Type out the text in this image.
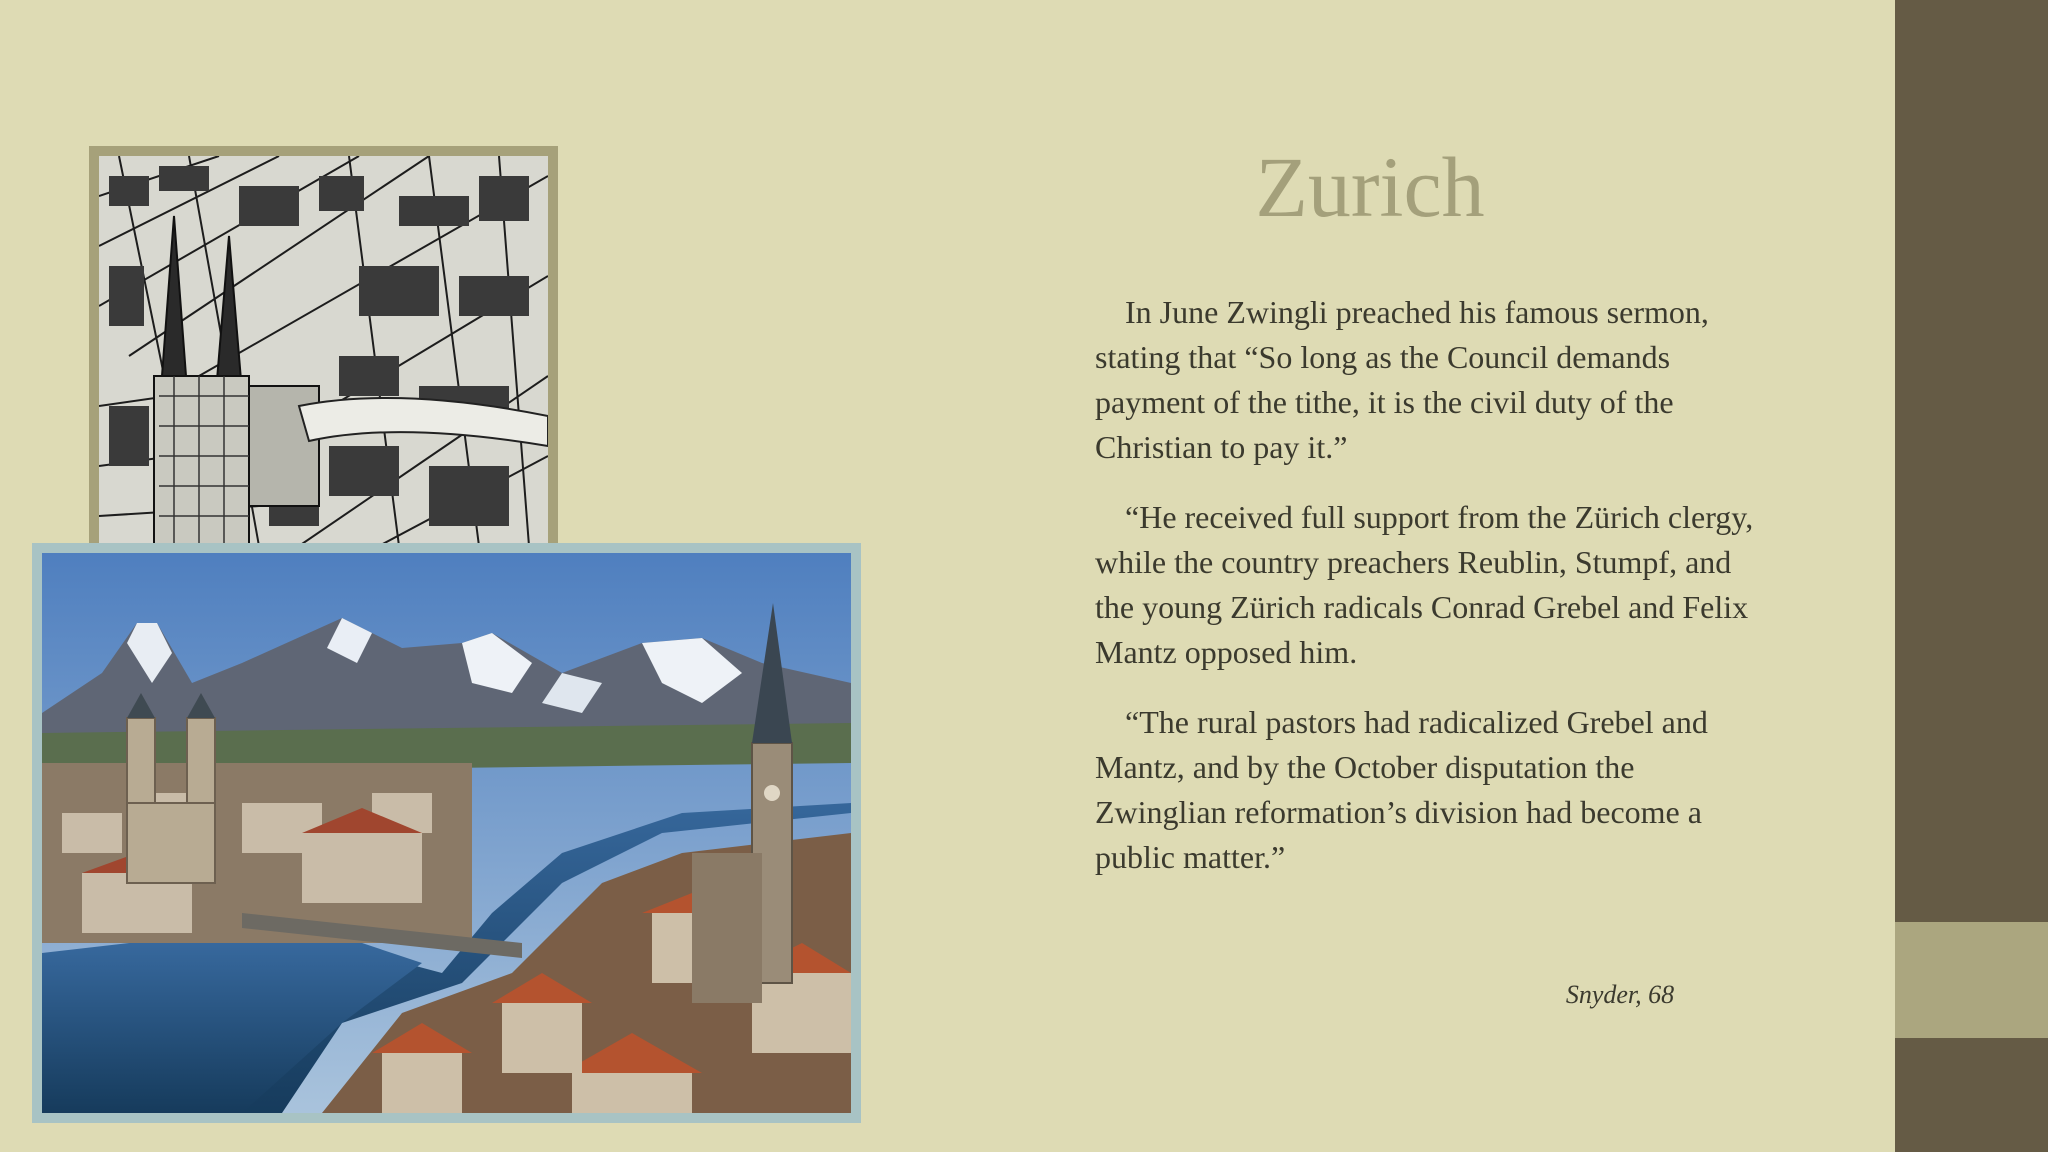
Zurich

In June Zwingli preached his famous sermon, stating that “So long as the Council demands payment of the tithe, it is the civil duty of the Christian to pay it.”

“He received full support from the Zürich clergy, while the country preachers Reublin, Stumpf, and the young Zürich radicals Conrad Grebel and Felix Mantz opposed him.

“The rural pastors had radicalized Grebel and Mantz, and by the October disputation the Zwinglian reformation’s division had become a public matter.”

Snyder, 68
